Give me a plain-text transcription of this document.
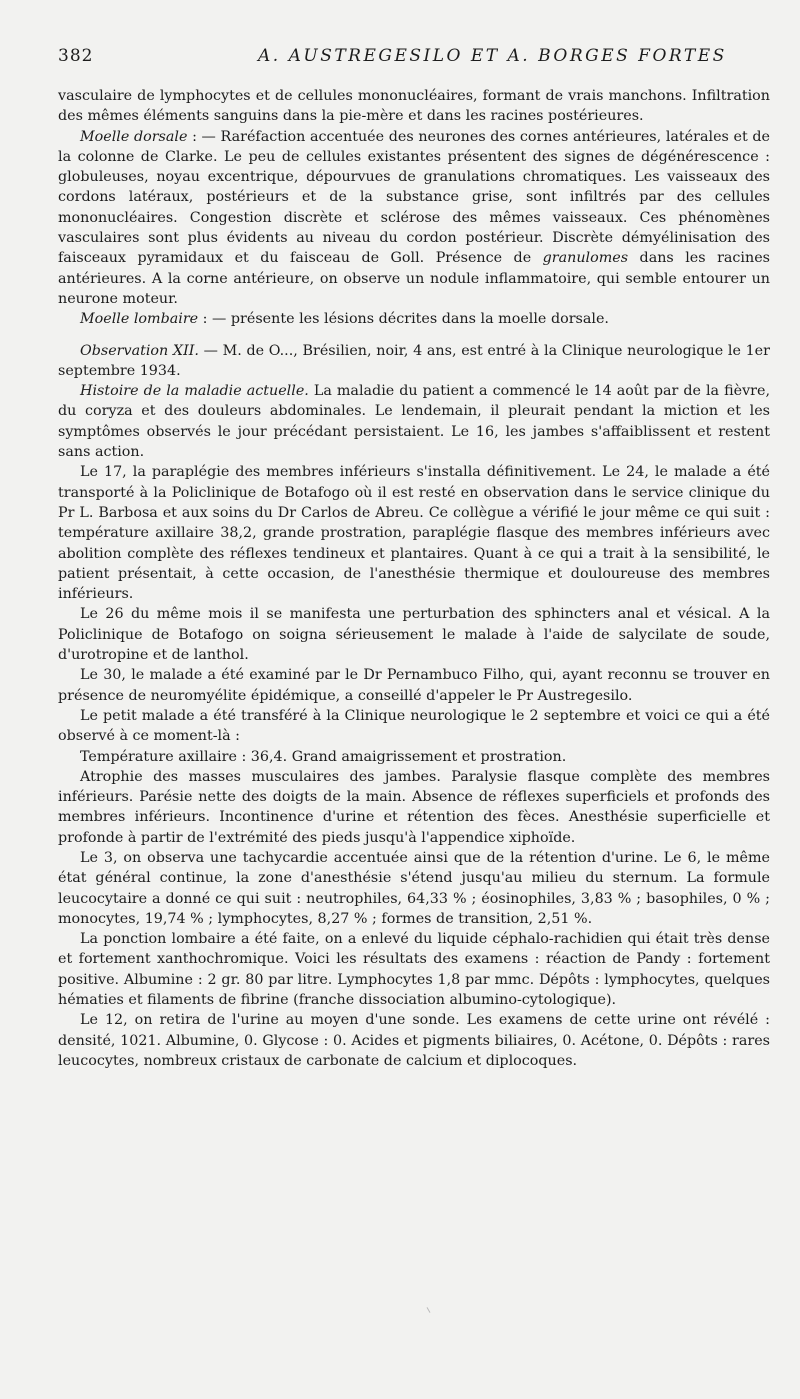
382	A. AUSTREGESILO ET A. BORGES FORTES

vasculaire de lymphocytes et de cellules mononucléaires, formant de vrais manchons. Infiltration des mêmes éléments sanguins dans la pie-mère et dans les racines postérieures.

Moelle dorsale : — Raréfaction accentuée des neurones des cornes antérieures, latérales et de la colonne de Clarke. Le peu de cellules existantes présentent des signes de dégénérescence : globuleuses, noyau excentrique, dépourvues de granulations chromatiques. Les vaisseaux des cordons latéraux, postérieurs et de la substance grise, sont infiltrés par des cellules mononucléaires. Congestion discrète et sclérose des mêmes vaisseaux. Ces phénomènes vasculaires sont plus évidents au niveau du cordon postérieur. Discrète démyélinisation des faisceaux pyramidaux et du faisceau de Goll. Présence de granulomes dans les racines antérieures. A la corne antérieure, on observe un nodule inflammatoire, qui semble entourer un neurone moteur.

Moelle lombaire : — présente les lésions décrites dans la moelle dorsale.

Observation XII. — M. de O..., Brésilien, noir, 4 ans, est entré à la Clinique neurologique le 1er septembre 1934.

Histoire de la maladie actuelle. La maladie du patient a commencé le 14 août par de la fièvre, du coryza et des douleurs abdominales. Le lendemain, il pleurait pendant la miction et les symptômes observés le jour précédant persistaient. Le 16, les jambes s'affaiblissent et restent sans action.

Le 17, la paraplégie des membres inférieurs s'installa définitivement. Le 24, le malade a été transporté à la Policlinique de Botafogo où il est resté en observation dans le service clinique du Pr L. Barbosa et aux soins du Dr Carlos de Abreu. Ce collègue a vérifié le jour même ce qui suit : température axillaire 38,2, grande prostration, paraplégie flasque des membres inférieurs avec abolition complète des réflexes tendineux et plantaires. Quant à ce qui a trait à la sensibilité, le patient présentait, à cette occasion, de l'anesthésie thermique et douloureuse des membres inférieurs.

Le 26 du même mois il se manifesta une perturbation des sphincters anal et vésical. A la Policlinique de Botafogo on soigna sérieusement le malade à l'aide de salycilate de soude, d'urotropine et de lanthol.

Le 30, le malade a été examiné par le Dr Pernambuco Filho, qui, ayant reconnu se trouver en présence de neuromyélite épidémique, a conseillé d'appeler le Pr Austregesilo.

Le petit malade a été transféré à la Clinique neurologique le 2 septembre et voici ce qui a été observé à ce moment-là :

Température axillaire : 36,4. Grand amaigrissement et prostration.

Atrophie des masses musculaires des jambes. Paralysie flasque complète des membres inférieurs. Parésie nette des doigts de la main. Absence de réflexes superficiels et profonds des membres inférieurs. Incontinence d'urine et rétention des fèces. Anesthésie superficielle et profonde à partir de l'extrémité des pieds jusqu'à l'appendice xiphoïde.

Le 3, on observa une tachycardie accentuée ainsi que de la rétention d'urine. Le 6, le même état général continue, la zone d'anesthésie s'étend jusqu'au milieu du sternum. La formule leucocytaire a donné ce qui suit : neutrophiles, 64,33 % ; éosinophiles, 3,83 % ; basophiles, 0 % ; monocytes, 19,74 % ; lymphocytes, 8,27 % ; formes de transition, 2,51 %.

La ponction lombaire a été faite, on a enlevé du liquide céphalo-rachidien qui était très dense et fortement xanthochromique. Voici les résultats des examens : réaction de Pandy : fortement positive. Albumine : 2 gr. 80 par litre. Lymphocytes 1,8 par mmc. Dépôts : lymphocytes, quelques hématies et filaments de fibrine (franche dissociation albumino-cytologique).

Le 12, on retira de l'urine au moyen d'une sonde. Les examens de cette urine ont révélé : densité, 1021. Albumine, 0. Glycose : 0. Acides et pigments biliaires, 0. Acétone, 0. Dépôts : rares leucocytes, nombreux cristaux de carbonate de calcium et diplocoques.
